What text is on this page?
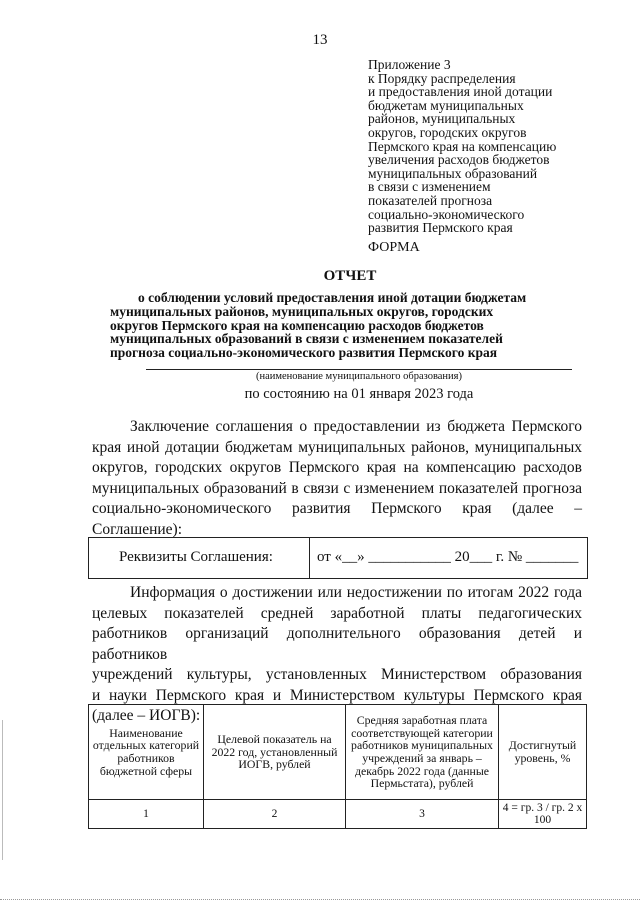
13
Приложение 3
к Порядку распределения
и предоставления иной дотации
бюджетам муниципальных
районов, муниципальных
округов, городских округов
Пермского края на компенсацию
увеличения расходов бюджетов
муниципальных образований
в связи с изменением
показателей прогноза
социально-экономического
развития Пермского края
ФОРМА
ОТЧЕТ
о соблюдении условий предоставления иной дотации бюджетам
муниципальных районов, муниципальных округов, городских
округов Пермского края на компенсацию расходов бюджетов
муниципальных образований в связи с изменением показателей
прогноза социально-экономического развития Пермского края
(наименование муниципального образования)
по состоянию на 01 января 2023 года
Заключение соглашения о предоставлении из бюджета Пермского
края иной дотации бюджетам муниципальных районов, муниципальных
округов, городских округов Пермского края на компенсацию расходов
муниципальных образований в связи с изменением показателей прогноза
социально-экономического развития Пермского края (далее –
Соглашение):
Реквизиты Соглашения:	от «__» ___________ 20___ г. № _______
Информация о достижении или недостижении по итогам 2022 года
целевых показателей средней заработной платы педагогических
работников организаций дополнительного образования детей и работников
учреждений культуры, установленных Министерством образования
и науки Пермского края и Министерством культуры Пермского края
(далее – ИОГВ):
Наименование отдельных категорий работников бюджетной сферы	Целевой показатель на 2022 год, установленный ИОГВ, рублей	Средняя заработная плата соответствующей категории работников муниципальных учреждений за январь – декабрь 2022 года (данные Пермьстата), рублей	Достигнутый уровень, %
1	2	3	4 = гр. 3 / гр. 2 х 100
